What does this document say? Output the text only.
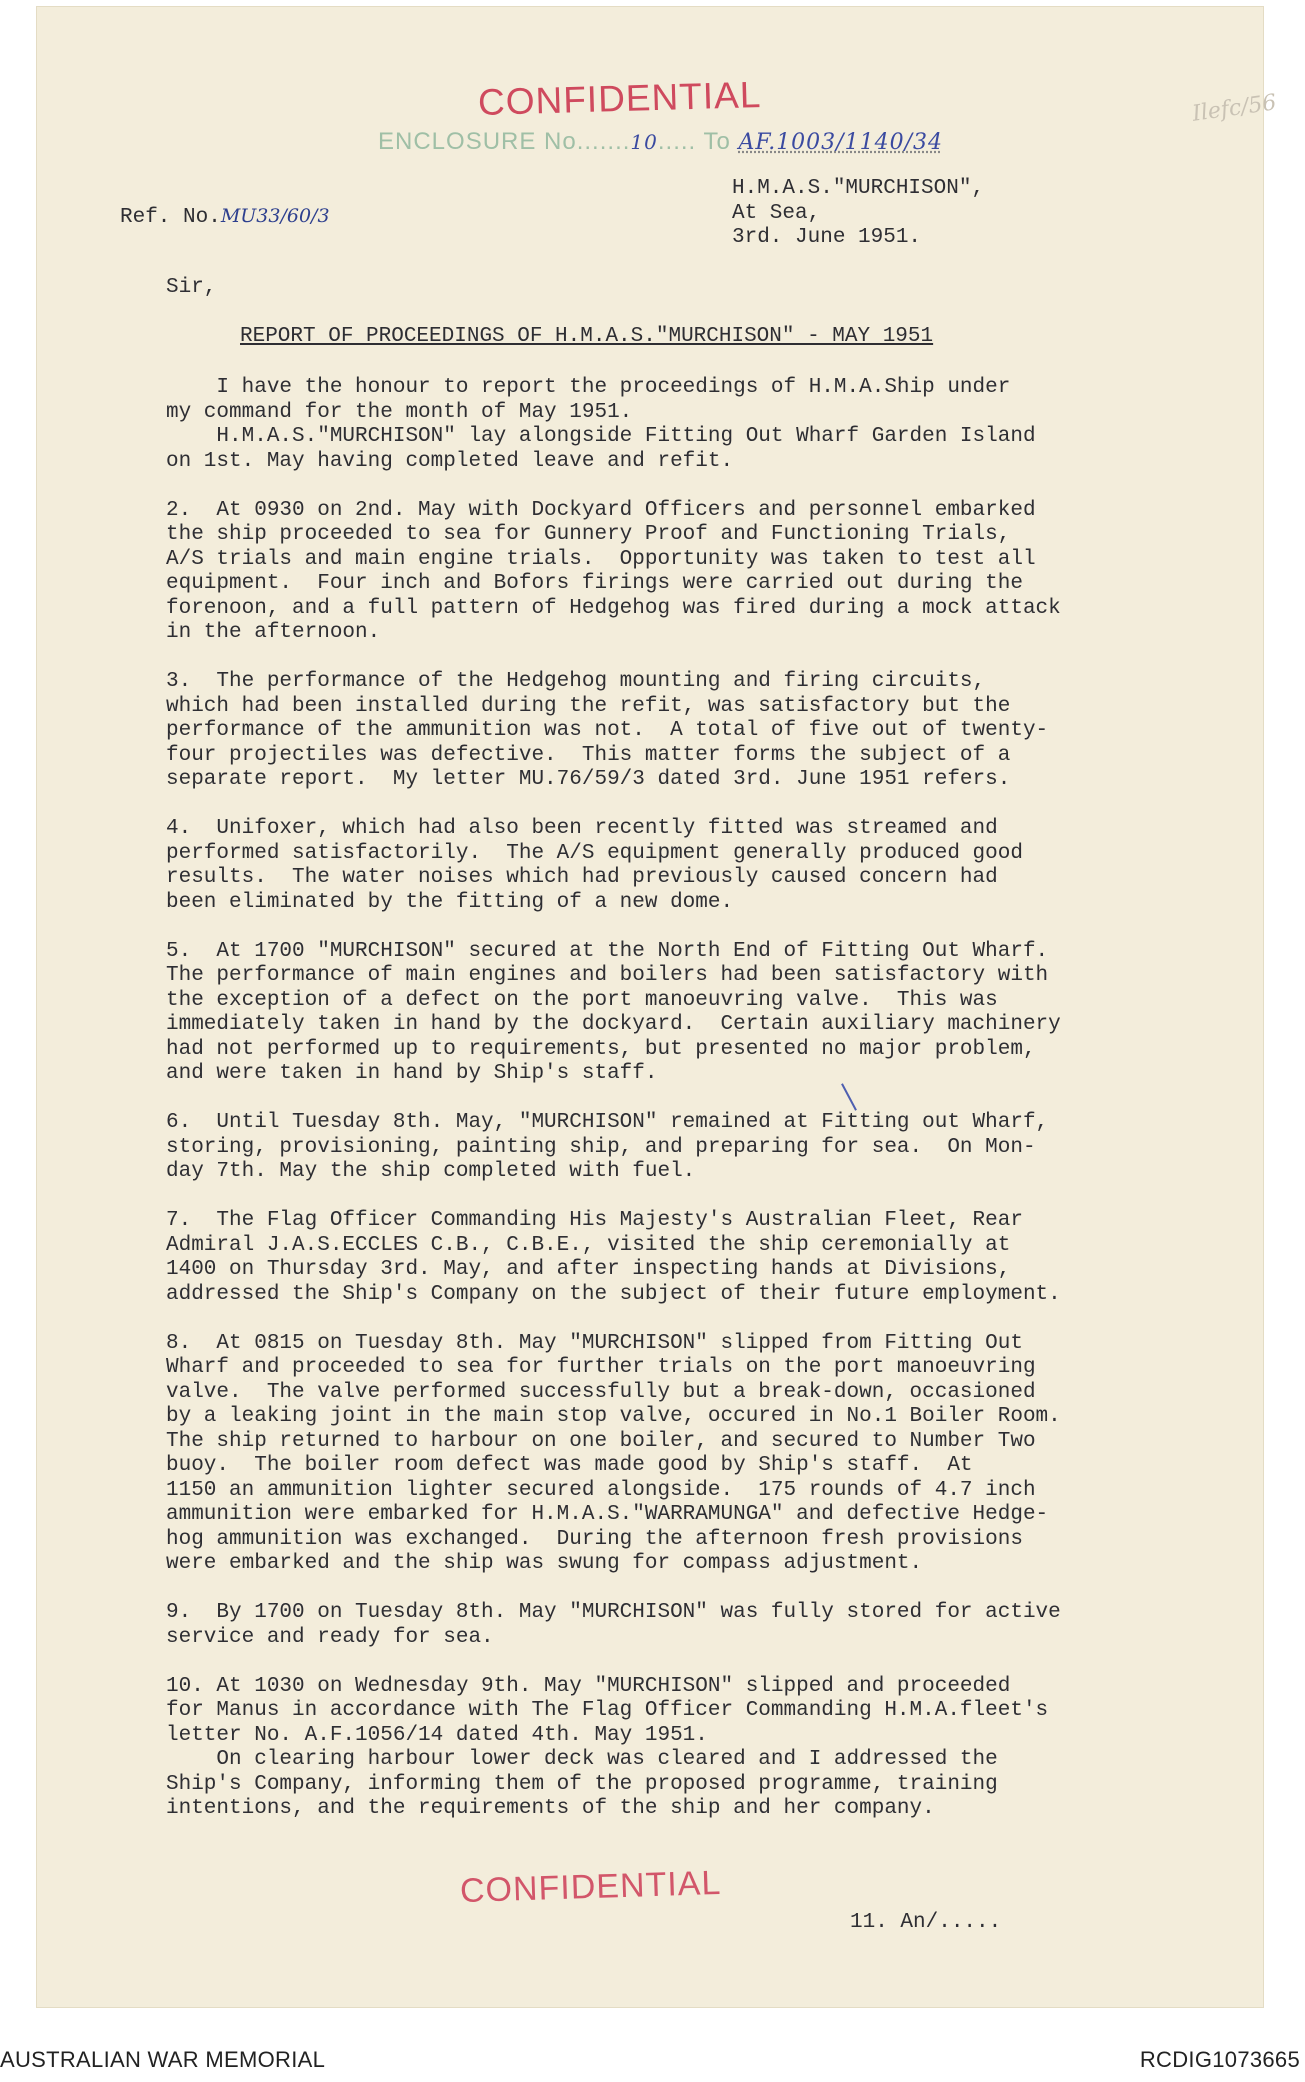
CONFIDENTIAL	Ilefc/56
ENCLOSURE No.......10..... To AF.1003/1140/34
H.M.A.S."MURCHISON",
At Sea,
3rd. June 1951.
Ref. No.MU33/60/3
Sir,
REPORT OF PROCEEDINGS OF H.M.A.S."MURCHISON" - MAY 1951
I have the honour to report the proceedings of H.M.A.Ship under
my command for the month of May 1951.
H.M.A.S."MURCHISON" lay alongside Fitting Out Wharf Garden Island
on 1st. May having completed leave and refit.

2.  At 0930 on 2nd. May with Dockyard Officers and personnel embarked
the ship proceeded to sea for Gunnery Proof and Functioning Trials,
A/S trials and main engine trials.  Opportunity was taken to test all
equipment.  Four inch and Bofors firings were carried out during the
forenoon, and a full pattern of Hedgehog was fired during a mock attack
in the afternoon.

3.  The performance of the Hedgehog mounting and firing circuits,
which had been installed during the refit, was satisfactory but the
performance of the ammunition was not.  A total of five out of twenty-
four projectiles was defective.  This matter forms the subject of a
separate report.  My letter MU.76/59/3 dated 3rd. June 1951 refers.

4.  Unifoxer, which had also been recently fitted was streamed and
performed satisfactorily.  The A/S equipment generally produced good
results.  The water noises which had previously caused concern had
been eliminated by the fitting of a new dome.

5.  At 1700 "MURCHISON" secured at the North End of Fitting Out Wharf.
The performance of main engines and boilers had been satisfactory with
the exception of a defect on the port manoeuvring valve.  This was
immediately taken in hand by the dockyard.  Certain auxiliary machinery
had not performed up to requirements, but presented no major problem,
and were taken in hand by Ship's staff.

6.  Until Tuesday 8th. May, "MURCHISON" remained at Fitting out Wharf,
storing, provisioning, painting ship, and preparing for sea.  On Mon-
day 7th. May the ship completed with fuel.

7.  The Flag Officer Commanding His Majesty's Australian Fleet, Rear
Admiral J.A.S.ECCLES C.B., C.B.E., visited the ship ceremonially at
1400 on Thursday 3rd. May, and after inspecting hands at Divisions,
addressed the Ship's Company on the subject of their future employment.

8.  At 0815 on Tuesday 8th. May "MURCHISON" slipped from Fitting Out
Wharf and proceeded to sea for further trials on the port manoeuvring
valve.  The valve performed successfully but a break-down, occasioned
by a leaking joint in the main stop valve, occured in No.1 Boiler Room.
The ship returned to harbour on one boiler, and secured to Number Two
buoy.  The boiler room defect was made good by Ship's staff.  At
1150 an ammunition lighter secured alongside.  175 rounds of 4.7 inch
ammunition were embarked for H.M.A.S."WARRAMUNGA" and defective Hedge-
hog ammunition was exchanged.  During the afternoon fresh provisions
were embarked and the ship was swung for compass adjustment.

9.  By 1700 on Tuesday 8th. May "MURCHISON" was fully stored for active
service and ready for sea.

10. At 1030 on Wednesday 9th. May "MURCHISON" slipped and proceeded
for Manus in accordance with The Flag Officer Commanding H.M.A.fleet's
letter No. A.F.1056/14 dated 4th. May 1951.
On clearing harbour lower deck was cleared and I addressed the
Ship's Company, informing them of the proposed programme, training
intentions, and the requirements of the ship and her company.
CONFIDENTIAL
11. An/.....
AUSTRALIAN WAR MEMORIAL	RCDIG1073665
